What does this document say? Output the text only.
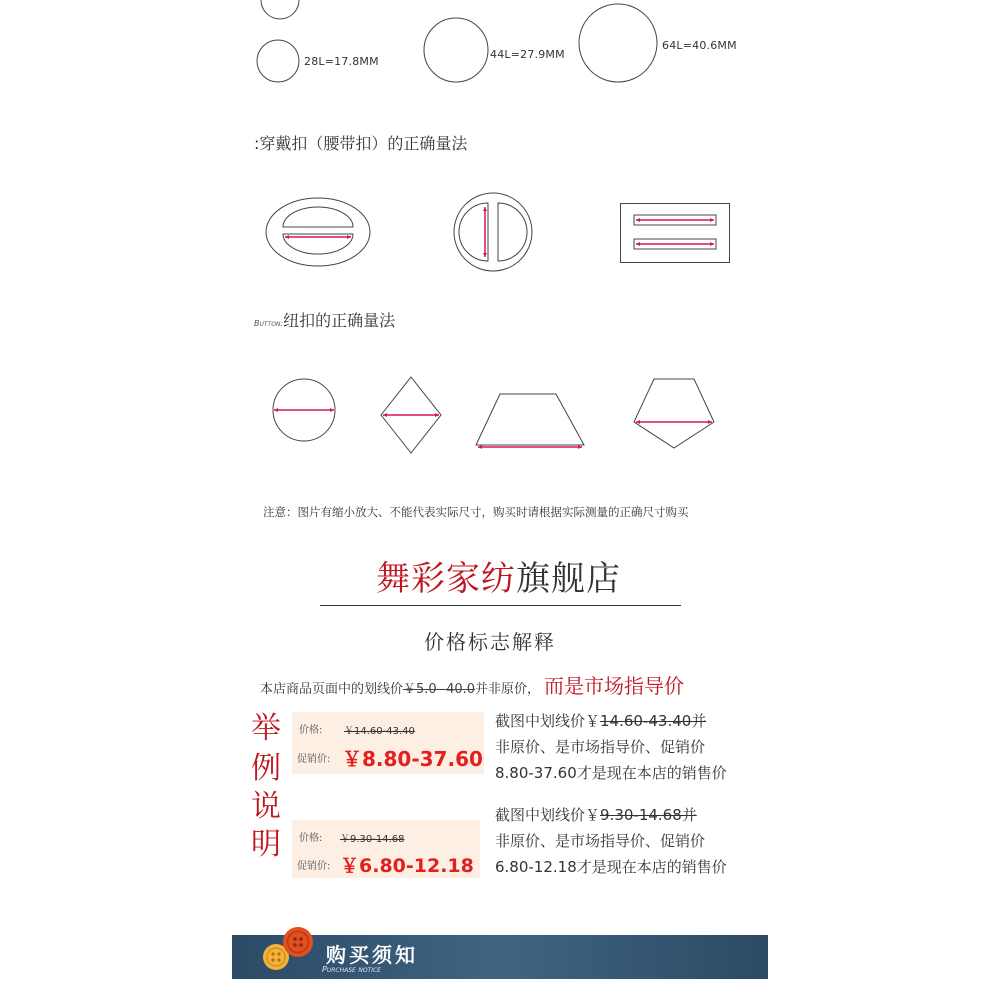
28L=17.8MM
44L=27.9MM
64L=40.6MM
:穿戴扣（腰带扣）的正确量法
Button:纽扣的正确量法
注意：图片有缩小放大、不能代表实际尺寸，购买时请根据实际测量的正确尺寸购买
舞彩家纺旗舰店
价格标志解释
本店商品页面中的划线价￥5.0--40.0并非原价， 而是市场指导价
举
例
说
明
价格: ￥14.60-43.40
促销价: ￥8.80-37.60
截图中划线价￥14.60-43.40并
非原价、是市场指导价、促销价
8.80-37.60才是现在本店的销售价
价格: ￥9.30-14.68
促销价: ￥6.80-12.18
截图中划线价￥9.30-14.68并
非原价、是市场指导价、促销价
6.80-12.18才是现在本店的销售价
购买须知
Purchase notice
